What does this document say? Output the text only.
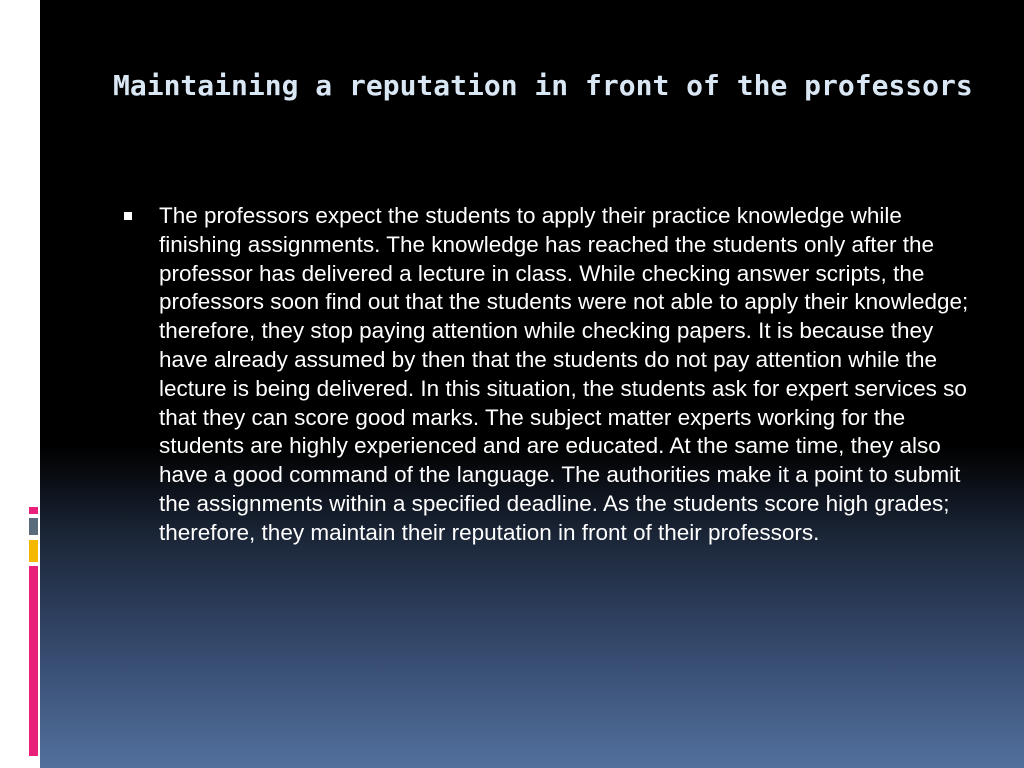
Maintaining a reputation in front of the professors
The professors expect the students to apply their practice knowledge while finishing assignments. The knowledge has reached the students only after the professor has delivered a lecture in class. While checking answer scripts, the professors soon find out that the students were not able to apply their knowledge; therefore, they stop paying attention while checking papers. It is because they have already assumed by then that the students do not pay attention while the lecture is being delivered. In this situation, the students ask for expert services so that they can score good marks. The subject matter experts working for the students are highly experienced and are educated. At the same time, they also have a good command of the language. The authorities make it a point to submit the assignments within a specified deadline. As the students score high grades; therefore, they maintain their reputation in front of their professors.
